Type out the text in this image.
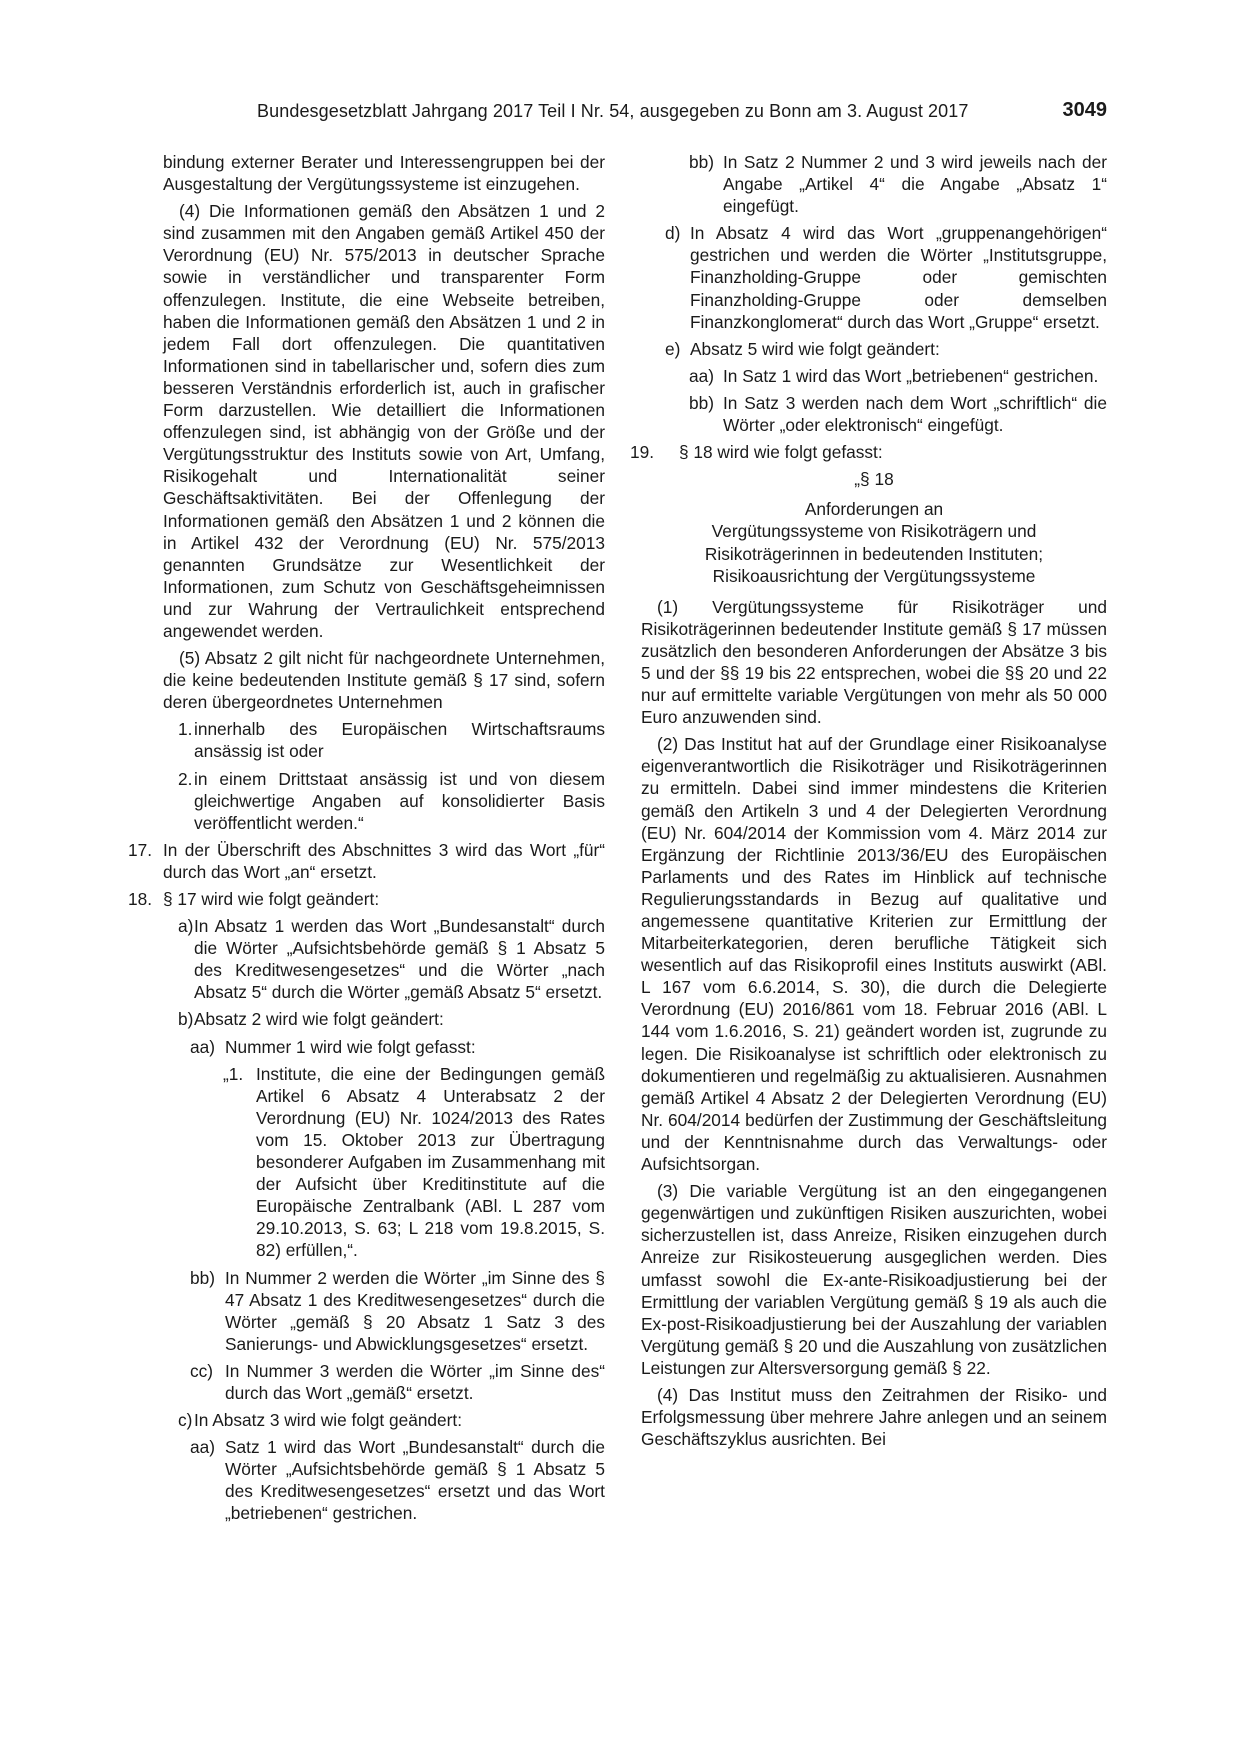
Bundesgesetzblatt Jahrgang 2017 Teil I Nr. 54, ausgegeben zu Bonn am 3. August 2017	3049

bindung externer Berater und Interessengruppen bei der Ausgestaltung der Vergütungssysteme ist einzugehen.

(4) Die Informationen gemäß den Absätzen 1 und 2 sind zusammen mit den Angaben gemäß Artikel 450 der Verordnung (EU) Nr. 575/2013 in deutscher Sprache sowie in verständlicher und transparenter Form offenzulegen. Institute, die eine Webseite betreiben, haben die Informationen gemäß den Absätzen 1 und 2 in jedem Fall dort offenzulegen. Die quantitativen Informationen sind in tabellarischer und, sofern dies zum besseren Verständnis erforderlich ist, auch in grafischer Form darzustellen. Wie detailliert die Informationen offenzulegen sind, ist abhängig von der Größe und der Vergütungsstruktur des Instituts sowie von Art, Umfang, Risikogehalt und Internationalität seiner Geschäftsaktivitäten. Bei der Offenlegung der Informationen gemäß den Absätzen 1 und 2 können die in Artikel 432 der Verordnung (EU) Nr. 575/2013 genannten Grundsätze zur Wesentlichkeit der Informationen, zum Schutz von Geschäftsgeheimnissen und zur Wahrung der Vertraulichkeit entsprechend angewendet werden.

(5) Absatz 2 gilt nicht für nachgeordnete Unternehmen, die keine bedeutenden Institute gemäß § 17 sind, sofern deren übergeordnetes Unternehmen

1. innerhalb des Europäischen Wirtschaftsraums ansässig ist oder
2. in einem Drittstaat ansässig ist und von diesem gleichwertige Angaben auf konsolidierter Basis veröffentlicht werden.“
17. In der Überschrift des Abschnittes 3 wird das Wort „für“ durch das Wort „an“ ersetzt.
18. § 17 wird wie folgt geändert:
a) In Absatz 1 werden das Wort „Bundesanstalt“ durch die Wörter „Aufsichtsbehörde gemäß § 1 Absatz 5 des Kreditwesengesetzes“ und die Wörter „nach Absatz 5“ durch die Wörter „gemäß Absatz 5“ ersetzt.
b) Absatz 2 wird wie folgt geändert:
aa) Nummer 1 wird wie folgt gefasst:
„1. Institute, die eine der Bedingungen gemäß Artikel 6 Absatz 4 Unterabsatz 2 der Verordnung (EU) Nr. 1024/2013 des Rates vom 15. Oktober 2013 zur Übertragung besonderer Aufgaben im Zusammenhang mit der Aufsicht über Kreditinstitute auf die Europäische Zentralbank (ABl. L 287 vom 29.10.2013, S. 63; L 218 vom 19.8.2015, S. 82) erfüllen,“.
bb) In Nummer 2 werden die Wörter „im Sinne des § 47 Absatz 1 des Kreditwesengesetzes“ durch die Wörter „gemäß § 20 Absatz 1 Satz 3 des Sanierungs- und Abwicklungsgesetzes“ ersetzt.
cc) In Nummer 3 werden die Wörter „im Sinne des“ durch das Wort „gemäß“ ersetzt.
c) In Absatz 3 wird wie folgt geändert:
aa) Satz 1 wird das Wort „Bundesanstalt“ durch die Wörter „Aufsichtsbehörde gemäß § 1 Absatz 5 des Kreditwesengesetzes“ ersetzt und das Wort „betriebenen“ gestrichen.
bb) In Satz 2 Nummer 2 und 3 wird jeweils nach der Angabe „Artikel 4“ die Angabe „Absatz 1“ eingefügt.
d) In Absatz 4 wird das Wort „gruppenangehörigen“ gestrichen und werden die Wörter „Institutsgruppe, Finanzholding-Gruppe oder gemischten Finanzholding-Gruppe oder demselben Finanzkonglomerat“ durch das Wort „Gruppe“ ersetzt.
e) Absatz 5 wird wie folgt geändert:
aa) In Satz 1 wird das Wort „betriebenen“ gestrichen.
bb) In Satz 3 werden nach dem Wort „schriftlich“ die Wörter „oder elektronisch“ eingefügt.
19. § 18 wird wie folgt gefasst:

„§ 18

Anforderungen an

Vergütungssysteme von Risikoträgern und

Risikoträgerinnen in bedeutenden Instituten;

Risikoausrichtung der Vergütungssysteme

(1) Vergütungssysteme für Risikoträger und Risikoträgerinnen bedeutender Institute gemäß § 17 müssen zusätzlich den besonderen Anforderungen der Absätze 3 bis 5 und der §§ 19 bis 22 entsprechen, wobei die §§ 20 und 22 nur auf ermittelte variable Vergütungen von mehr als 50 000 Euro anzuwenden sind.

(2) Das Institut hat auf der Grundlage einer Risikoanalyse eigenverantwortlich die Risikoträger und Risikoträgerinnen zu ermitteln. Dabei sind immer mindestens die Kriterien gemäß den Artikeln 3 und 4 der Delegierten Verordnung (EU) Nr. 604/2014 der Kommission vom 4. März 2014 zur Ergänzung der Richtlinie 2013/36/EU des Europäischen Parlaments und des Rates im Hinblick auf technische Regulierungsstandards in Bezug auf qualitative und angemessene quantitative Kriterien zur Ermittlung der Mitarbeiterkategorien, deren berufliche Tätigkeit sich wesentlich auf das Risikoprofil eines Instituts auswirkt (ABl. L 167 vom 6.6.2014, S. 30), die durch die Delegierte Verordnung (EU) 2016/861 vom 18. Februar 2016 (ABl. L 144 vom 1.6.2016, S. 21) geändert worden ist, zugrunde zu legen. Die Risikoanalyse ist schriftlich oder elektronisch zu dokumentieren und regelmäßig zu aktualisieren. Ausnahmen gemäß Artikel 4 Absatz 2 der Delegierten Verordnung (EU) Nr. 604/2014 bedürfen der Zustimmung der Geschäftsleitung und der Kenntnisnahme durch das Verwaltungs- oder Aufsichtsorgan.

(3) Die variable Vergütung ist an den eingegangenen gegenwärtigen und zukünftigen Risiken auszurichten, wobei sicherzustellen ist, dass Anreize, Risiken einzugehen durch Anreize zur Risikosteuerung ausgeglichen werden. Dies umfasst sowohl die Ex-ante-Risikoadjustierung bei der Ermittlung der variablen Vergütung gemäß § 19 als auch die Ex-post-Risikoadjustierung bei der Auszahlung der variablen Vergütung gemäß § 20 und die Auszahlung von zusätzlichen Leistungen zur Altersversorgung gemäß § 22.

(4) Das Institut muss den Zeitrahmen der Risiko- und Erfolgsmessung über mehrere Jahre anlegen und an seinem Geschäftszyklus ausrichten. Bei
